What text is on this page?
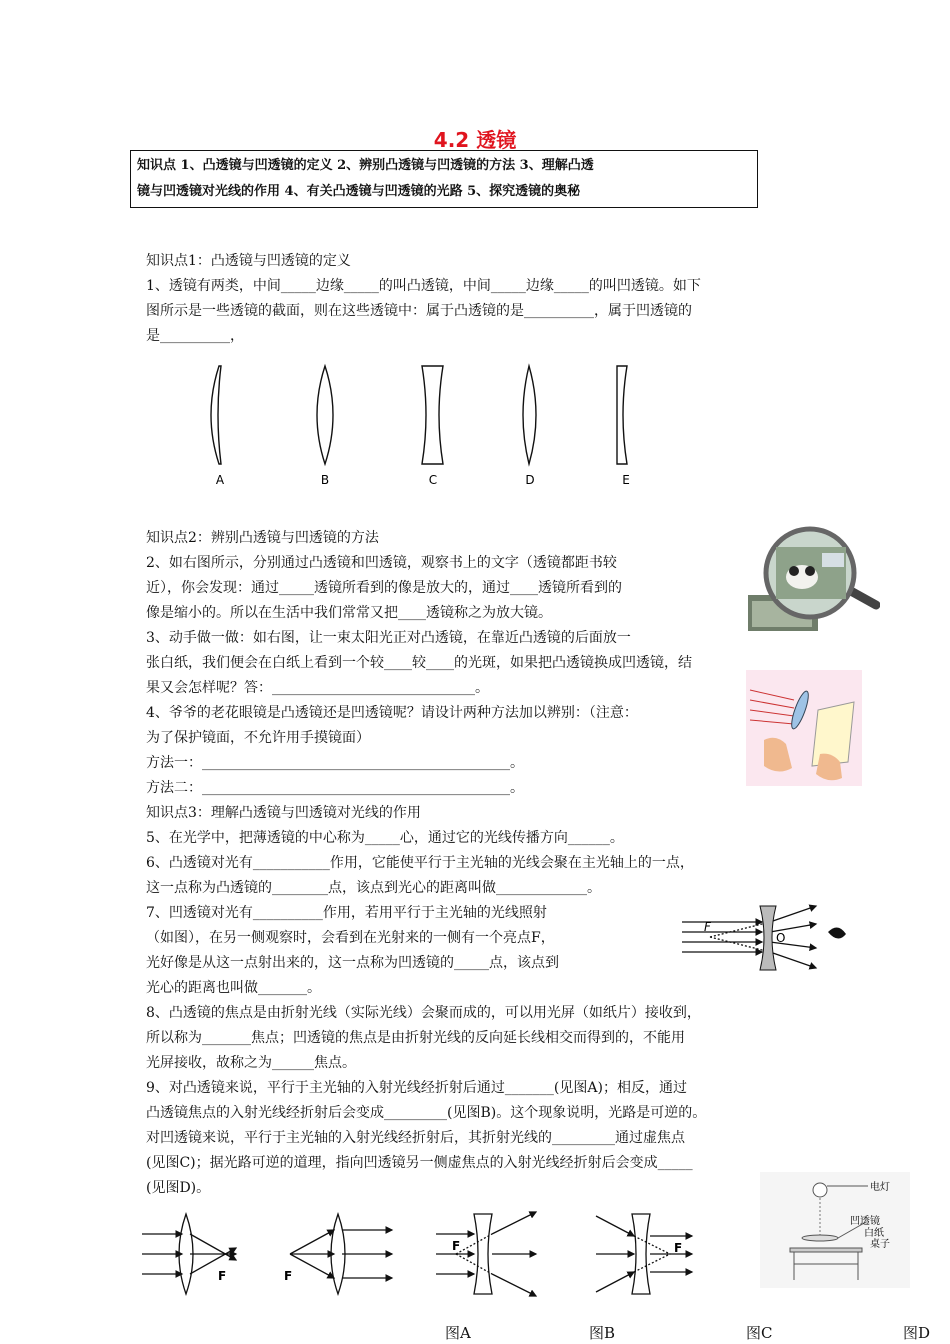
4.2 透镜
知识点 1、凸透镜与凹透镜的定义 2、辨别凸透镜与凹透镜的方法 3、理解凸透
镜与凹透镜对光线的作用 4、有关凸透镜与凹透镜的光路 5、探究透镜的奥秘
知识点1：凸透镜与凹透镜的定义
1、透镜有两类，中间_____边缘_____的叫凸透镜，中间_____边缘_____的叫凹透镜。如下
图所示是一些透镜的截面，则在这些透镜中：属于凸透镜的是__________，属于凹透镜的
是__________，
A	B	C	D	E
知识点2：辨别凸透镜与凹透镜的方法
2、如右图所示，分别通过凸透镜和凹透镜，观察书上的文字（透镜都距书较
近），你会发现：通过_____透镜所看到的像是放大的，通过____透镜所看到的
像是缩小的。所以在生活中我们常常又把____透镜称之为放大镜。
3、动手做一做：如右图，让一束太阳光正对凸透镜，在靠近凸透镜的后面放一
张白纸，我们便会在白纸上看到一个较____较____的光斑，如果把凸透镜换成凹透镜，结
果又会怎样呢？答：_____________________________。
4、爷爷的老花眼镜是凸透镜还是凹透镜呢？请设计两种方法加以辨别：（注意：
为了保护镜面，不允许用手摸镜面）
方法一：____________________________________________。
方法二：____________________________________________。
知识点3：理解凸透镜与凹透镜对光线的作用
5、在光学中，把薄透镜的中心称为_____心，通过它的光线传播方向______。
6、凸透镜对光有___________作用，它能使平行于主光轴的光线会聚在主光轴上的一点，
这一点称为凸透镜的________点，该点到光心的距离叫做_____________。
7、凹透镜对光有__________作用，若用平行于主光轴的光线照射
（如图），在另一侧观察时，会看到在光射来的一侧有一个亮点F，
光好像是从这一点射出来的，这一点称为凹透镜的_____点，该点到
光心的距离也叫做_______。
8、凸透镜的焦点是由折射光线（实际光线）会聚而成的，可以用光屏（如纸片）接收到，
所以称为_______焦点；凹透镜的焦点是由折射光线的反向延长线相交而得到的，不能用
光屏接收，故称之为______焦点。
9、对凸透镜来说，平行于主光轴的入射光线经折射后通过_______(见图A)；相反，通过
凸透镜焦点的入射光线经折射后会变成_________(见图B)。这个现象说明，光路是可逆的。
对凹透镜来说，平行于主光轴的入射光线经折射后，其折射光线的_________通过虚焦点
(见图C)；据光路可逆的道理，指向凹透镜另一侧虚焦点的入射光线经折射后会变成_____
(见图D)。
F
O
电灯
凹透镜
白纸
桌子
F	F
F	F
图A	图B	图C	图D
